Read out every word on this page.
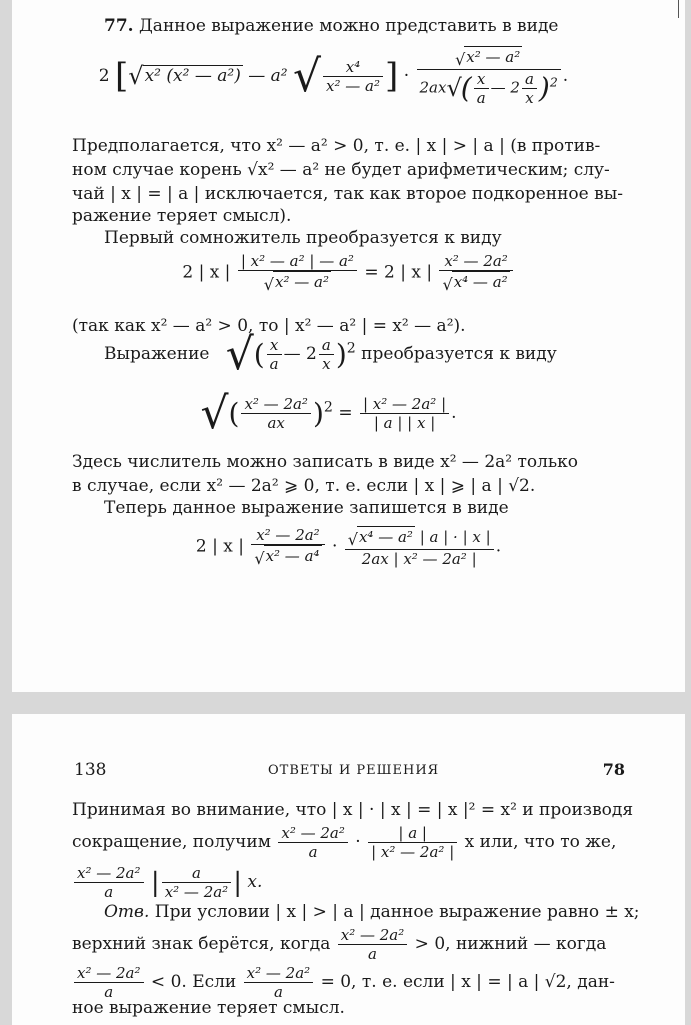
77. Данное выражение можно представить в виде
2 [√x² (x² — a²) — a² √ $\frac{\text{x⁴}}{\text{x² — a²}}$ ] · $\frac{\text{√x² — a²}}{2ax√( \frac{x}{a} — 2 \frac{a}{x} )^2}$ .
Предполагается, что x² — a² > 0, т. е. | x | > | a | (в против-
ном случае корень √x² — a² не будет арифметическим; слу-
чай | x | = | a | исключается, так как второе подкоренное вы-
ражение теряет смысл).
Первый сомножитель преобразуется к виду
2 | x | $\frac{\text{| x² — a² | — a²}}{\text{√x² — a²}} = 2$ | x | $\frac{\text{x² — 2a²}}{\text{√x⁴ — a²}}$
(так как x² — a² > 0, то | x² — a² | = x² — a²).
Выражение √( $\frac{x}{a}$ — $2 \frac{a}{x} )^2$ преобразуется к виду
√( $\frac{\text{x² — 2a²}}{ax} )^2 = \frac{\text{| x² — 2a² |}}{| a | | x |}$ .
Здесь числитель можно записать в виде x² — 2a² только
в случае, если x² — 2a² ⩾ 0, т. е. если | x | ⩾ | a | √2.
Теперь данное выражение запишется в виде
2 | x | $\frac{\text{x² — 2a²}}{\text{√x² — a⁴}} \cdot \frac{\text{√x⁴ — a² | a | · | x |}}{\text{2ax | x² — 2a² |}}$ .
138	ОТВЕТЫ И РЕШЕНИЯ	78
Принимая во внимание, что | x | · | x | = | x |² = x² и производя
сокращение, получим $\frac{\text{x² — 2a²}}{a} \cdot \frac{| a |}{\text{| x² — 2a² |}}$ x или, что то же,
$\frac{\text{x² — 2a²}}{a}$ | $\frac{a}{\text{x² — 2a²}}$ | x.
Отв. При условии | x | > | a | данное выражение равно ± x;
верхний знак берётся, когда $\frac{\text{x² — 2a²}}{a} > 0$, нижний — когда
$\frac{\text{x² — 2a²}}{a} < 0$. Если $\frac{\text{x² — 2a²}}{a} = 0$, т. е. если | x | = | a | √2, дан-
ное выражение теряет смысл.
